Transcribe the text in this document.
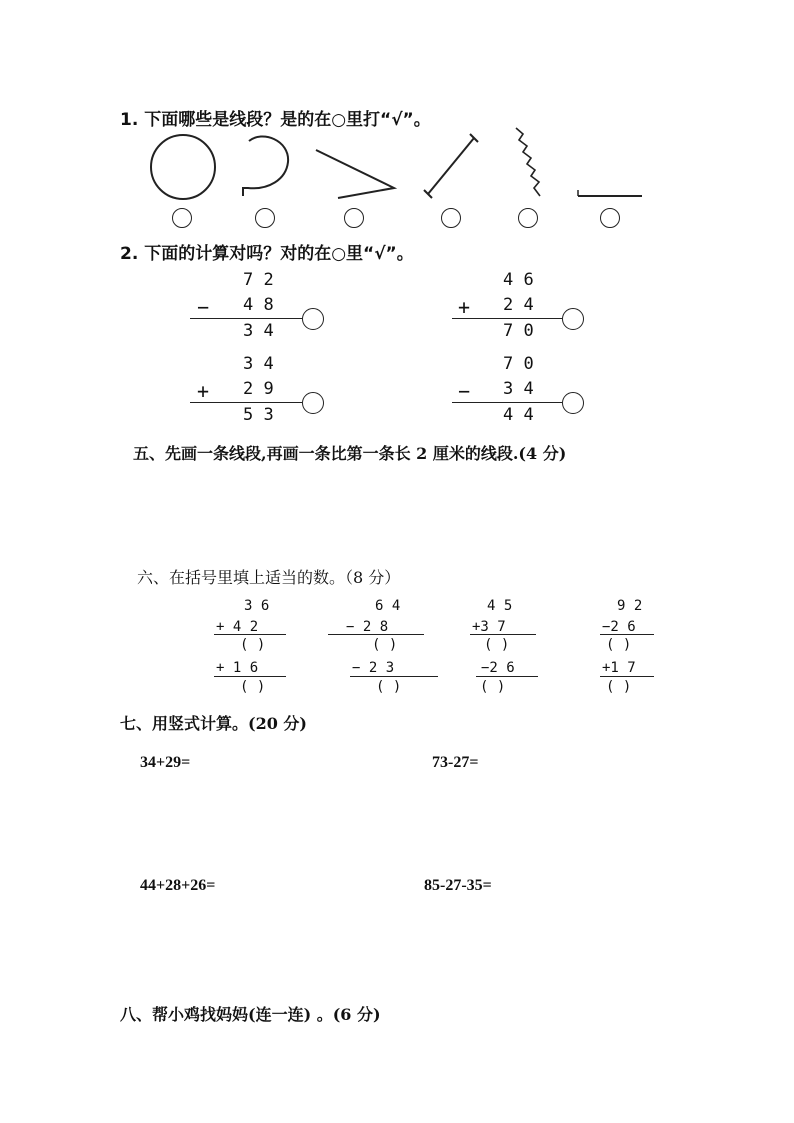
1. 下面哪些是线段？是的在○里打“√”。
2. 下面的计算对吗？对的在○里“√”。
7 2
− 4 8
3 4
4 6
+ 2 4
7 0
3 4
+ 2 9
5 3
7 0
− 3 4
4 4
五、先画一条线段,再画一条比第一条长 2 厘米的线段.(4 分)
六、在括号里填上适当的数。（8 分）
3 6
+ 4 2
( )
+ 1 6
( )
6 4
− 2 8
( )
− 2 3
( )
4 5
+3 7
( )
−2 6
( )
9 2
−2 6
( )
+1 7
( )
七、用竖式计算。(20 分)
34+29=	73-27=
44+28+26=	85-27-35=
八、帮小鸡找妈妈(连一连) 。(6 分)
